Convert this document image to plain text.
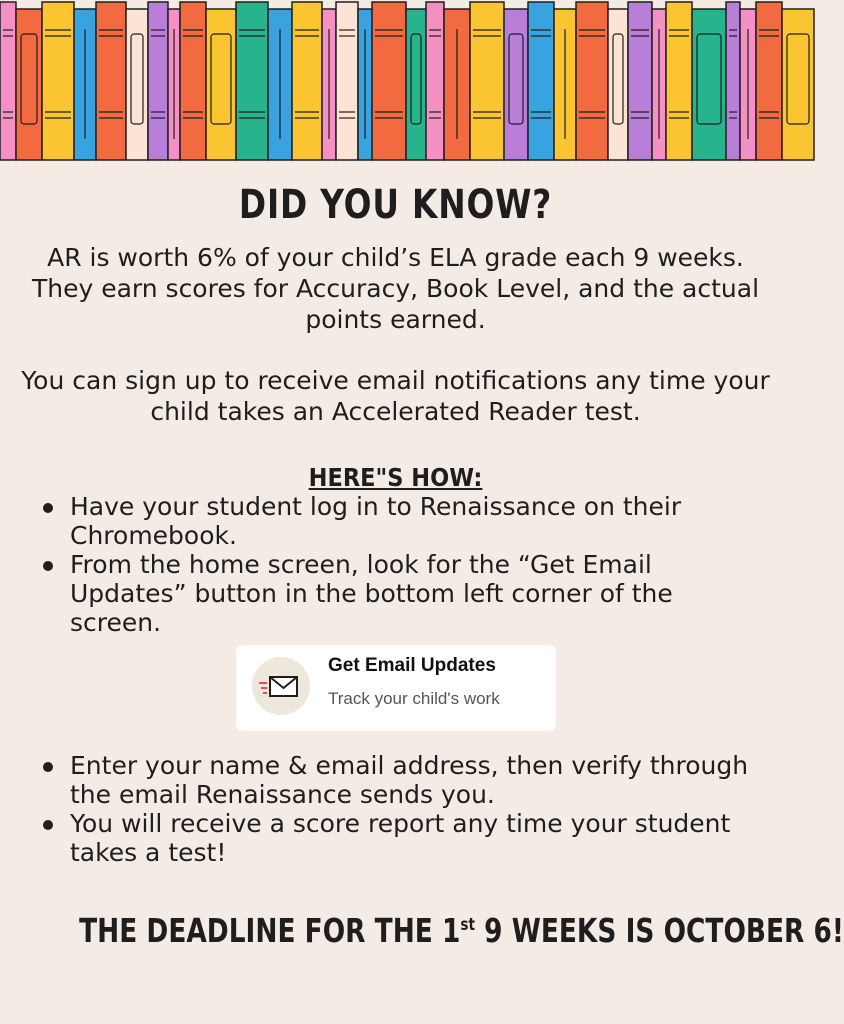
DID YOU KNOW?
AR is worth 6% of your child’s ELA grade each 9 weeks. They earn scores for Accuracy, Book Level, and the actual points earned.
You can sign up to receive email notifications any time your child takes an Accelerated Reader test.
HERE"S HOW:
Have your student log in to Renaissance on their Chromebook.
From the home screen, look for the “Get Email Updates” button in the bottom left corner of the screen.
Get Email Updates
Track your child's work
Enter your name & email address, then verify through the email Renaissance sends you.
You will receive a score report any time your student takes a test!
THE DEADLINE FOR THE 1st 9 WEEKS IS OCTOBER 6!
